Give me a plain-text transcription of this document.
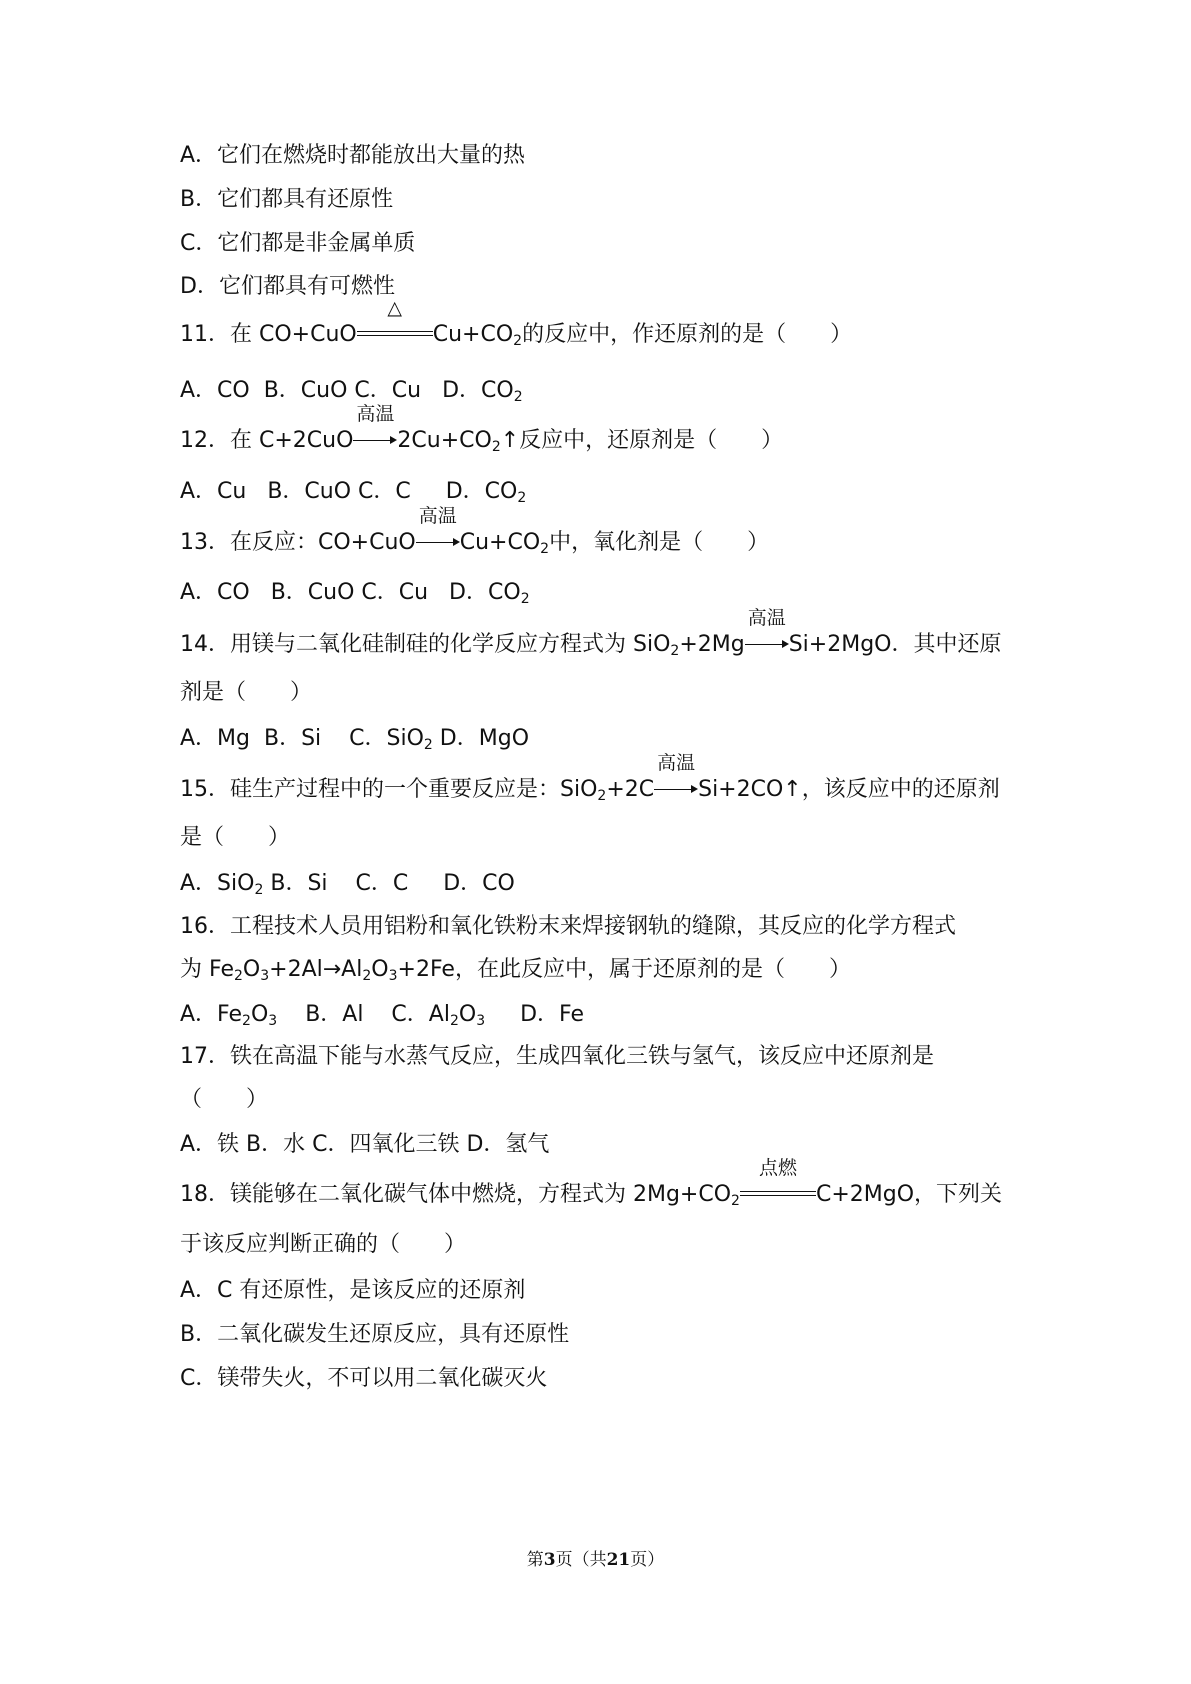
A．它们在燃烧时都能放出大量的热
B．它们都具有还原性
C．它们都是非金属单质
D．它们都具有可燃性
11．在 CO+CuO
△
$Cu+CO_2$的反应中，作还原剂的是（　　）
A．CO  B．CuO C．Cu   D．$CO_2$
12．在 C+2CuO
高温
$2Cu+CO_2↑$反应中，还原剂是（　　）
A．Cu   B．CuO C．C     D．$CO_2$
13．在反应：CO+CuO
高温
$Cu+CO_2$中，氧化剂是（　　）
A．CO   B．CuO C．Cu   D．$CO_2$
14．用镁与二氧化硅制硅的化学反应方程式为 SiO$_2$+2Mg
高温
Si+2MgO．其中还原
剂是（　　）
A．Mg  B．Si    C．SiO$_2$ D．MgO
15．硅生产过程中的一个重要反应是：SiO$_2$+2C
高温
Si+2CO↑，该反应中的还原剂
是（　　）
A．SiO$_2$ B．Si    C．C     D．CO
16．工程技术人员用铝粉和氧化铁粉末来焊接钢轨的缝隙，其反应的化学方程式
为 $Fe_2O_3+2Al\to Al_2O_3+2Fe$，在此反应中，属于还原剂的是（　　）
A．$Fe_2O_3$    B．Al    C．$Al_2O_3$     D．Fe
17．铁在高温下能与水蒸气反应，生成四氧化三铁与氢气，该反应中还原剂是
（　　）
A．铁 B．水 C．四氧化三铁 D．氢气
18．镁能够在二氧化碳气体中燃烧，方程式为 $2Mg+CO_2$
点燃
C+2MgO，下列关
于该反应判断正确的（　　）
A．C 有还原性，是该反应的还原剂
B．二氧化碳发生还原反应，具有还原性
C．镁带失火，不可以用二氧化碳灭火
第3页（共21页）
